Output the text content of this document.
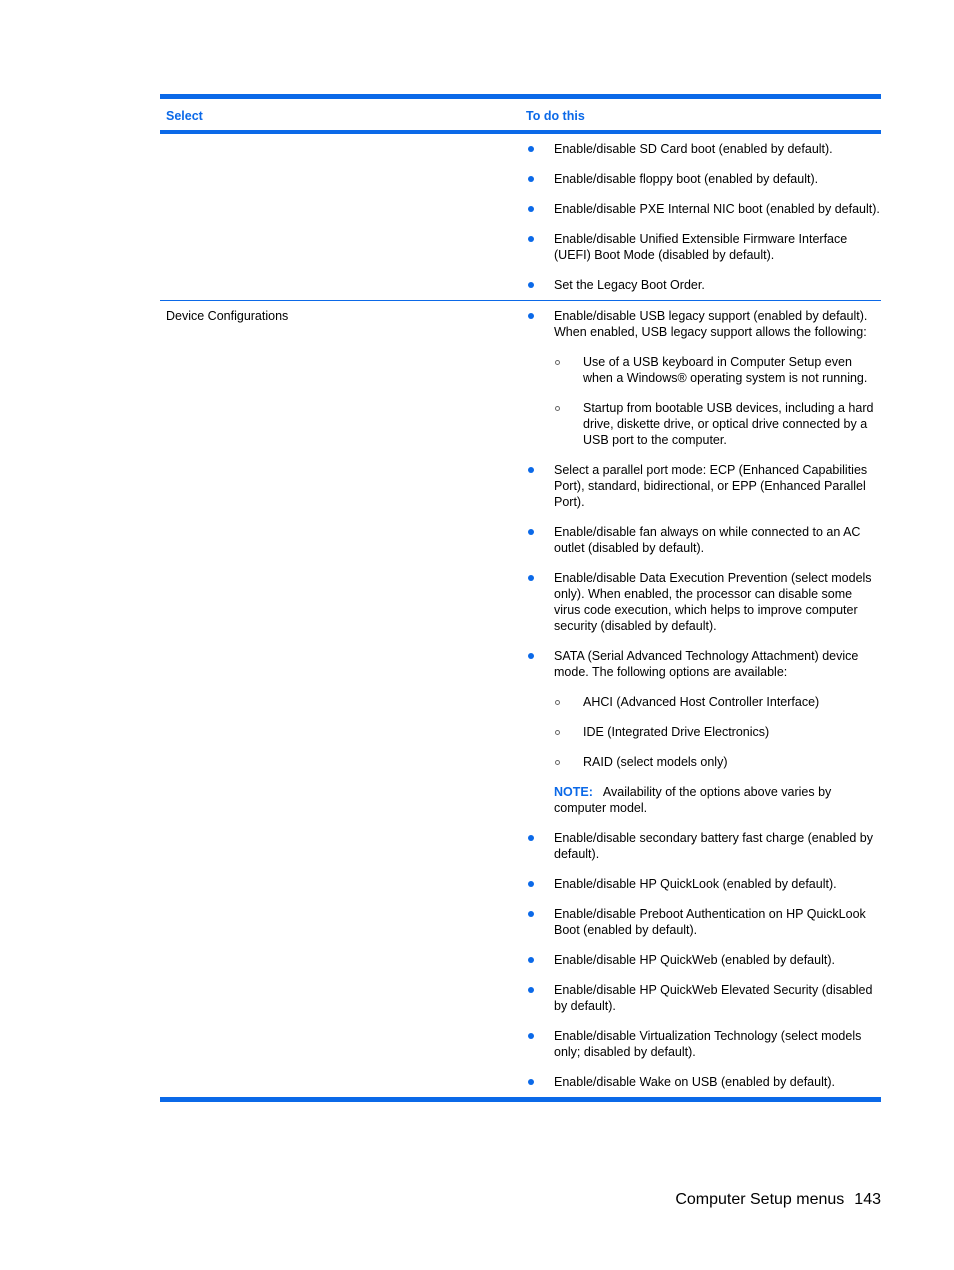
Select	To do this
Enable/disable SD Card boot (enabled by default).
Enable/disable floppy boot (enabled by default).
Enable/disable PXE Internal NIC boot (enabled by default).
Enable/disable Unified Extensible Firmware Interface (UEFI) Boot Mode (disabled by default).
Set the Legacy Boot Order.
Device Configurations	Enable/disable USB legacy support (enabled by default). When enabled, USB legacy support allows the following:
Use of a USB keyboard in Computer Setup even when a Windows® operating system is not running.
Startup from bootable USB devices, including a hard drive, diskette drive, or optical drive connected by a USB port to the computer.
Select a parallel port mode: ECP (Enhanced Capabilities Port), standard, bidirectional, or EPP (Enhanced Parallel Port).
Enable/disable fan always on while connected to an AC outlet (disabled by default).
Enable/disable Data Execution Prevention (select models only). When enabled, the processor can disable some virus code execution, which helps to improve computer security (disabled by default).
SATA (Serial Advanced Technology Attachment) device mode. The following options are available:
AHCI (Advanced Host Controller Interface)
IDE (Integrated Drive Electronics)
RAID (select models only)
NOTE: Availability of the options above varies by computer model.
Enable/disable secondary battery fast charge (enabled by default).
Enable/disable HP QuickLook (enabled by default).
Enable/disable Preboot Authentication on HP QuickLook Boot (enabled by default).
Enable/disable HP QuickWeb (enabled by default).
Enable/disable HP QuickWeb Elevated Security (disabled by default).
Enable/disable Virtualization Technology (select models only; disabled by default).
Enable/disable Wake on USB (enabled by default).
Computer Setup menus 143
